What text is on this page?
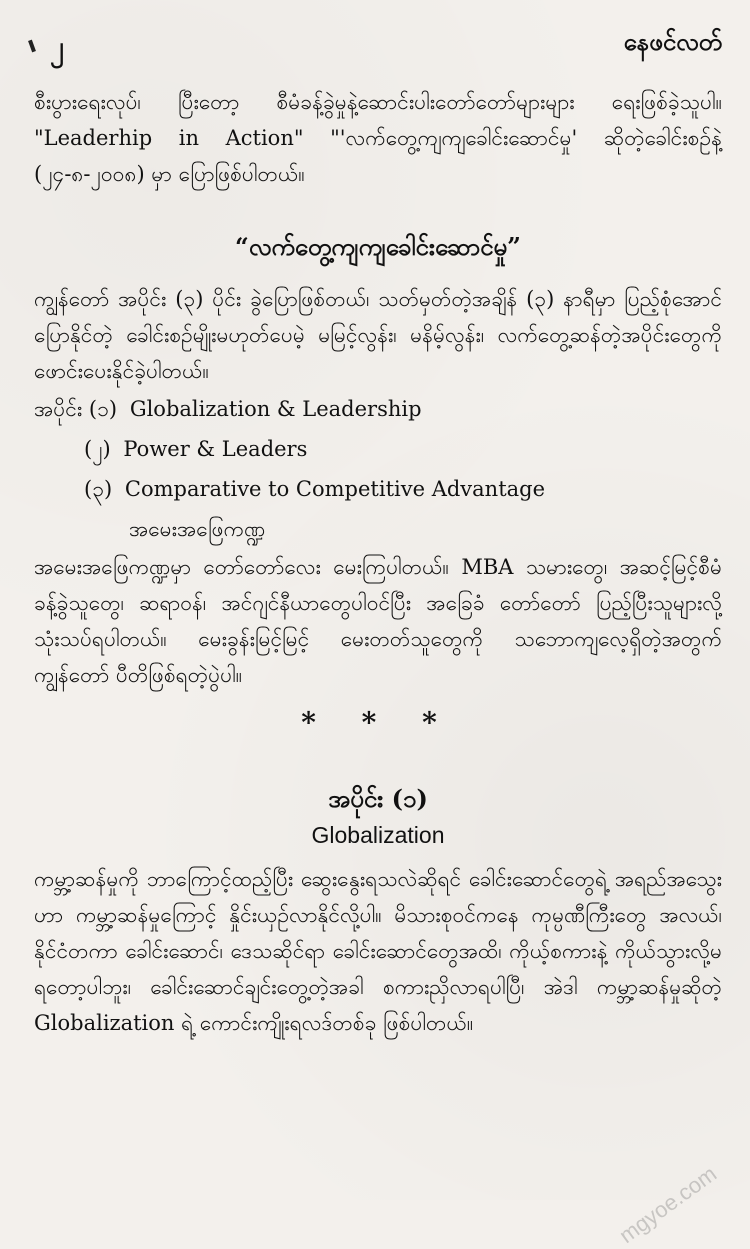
၂	နေဖင်လတ်

စီးပွားရေးလုပ်၊ ပြီးတော့ စီမံခန့်ခွဲမှုနဲ့ဆောင်းပါးတော်တော်များများ ရေးဖြစ်ခဲ့သူပါ။ "Leaderhip in Action" "'လက်တွေ့ကျကျခေါင်းဆောင်မှု' ဆိုတဲ့ခေါင်းစဉ်နဲ့ (၂၄-၈-၂၀၀၈) မှာ ပြောဖြစ်ပါတယ်။

“လက်တွေ့ကျကျခေါင်းဆောင်မှု”

ကျွန်တော် အပိုင်း (၃) ပိုင်း ခွဲပြောဖြစ်တယ်၊ သတ်မှတ်တဲ့အချိန် (၃) နာရီမှာ ပြည့်စုံအောင်ပြောနိုင်တဲ့ ခေါင်းစဉ်မျိုးမဟုတ်ပေမဲ့ မမြင့်လွန်း၊ မနိမ့်လွန်း၊ လက်တွေ့ဆန်တဲ့အပိုင်းတွေကို ဖောင်းပေးနိုင်ခဲ့ပါတယ်။

အပိုင်း (၁) Globalization & Leadership
(၂) Power & Leaders
(၃) Comparative to Competitive Advantage
အမေးအဖြေကဏ္ဍ

အမေးအဖြေကဏ္ဍမှာ တော်တော်လေး မေးကြပါတယ်။ MBA သမားတွေ၊ အဆင့်မြင့်စီမံခန့်ခွဲသူတွေ၊ ဆရာဝန်၊ အင်ဂျင်နီယာတွေပါဝင်ပြီး အခြေခံ တော်တော် ပြည့်ပြီးသူများလို့ သုံးသပ်ရပါတယ်။ မေးခွန်းမြင့်မြင့် မေးတတ်သူတွေကို သဘောကျလေ့ရှိတဲ့အတွက် ကျွန်တော် ပီတိဖြစ်ရတဲ့ပွဲပါ။

* * *
အပိုင်း (၁)
Globalization

ကမ္ဘာ့ဆန်မှုကို ဘာကြောင့်ထည့်ပြီး ဆွေးနွေးရသလဲဆိုရင် ခေါင်းဆောင်တွေရဲ့ အရည်အသွေးဟာ ကမ္ဘာ့ဆန်မှုကြောင့် နှိုင်းယှဉ်လာနိုင်လို့ပါ။ မိသားစုဝင်ကနေ ကုမ္ပဏီကြီးတွေ အလယ်၊ နိုင်ငံတကာ ခေါင်းဆောင်၊ ဒေသဆိုင်ရာ ခေါင်းဆောင်တွေအထိ၊ ကိုယ့်စကားနဲ့ ကိုယ်သွားလို့မရတော့ပါဘူး၊ ခေါင်းဆောင်ချင်းတွေ့တဲ့အခါ စကားညှိလာရပါပြီ၊ အဲဒါ ကမ္ဘာ့ဆန်မှုဆိုတဲ့ Globalization ရဲ့ ကောင်းကျိုးရလဒ်တစ်ခု ဖြစ်ပါတယ်။

mgyoe.com
